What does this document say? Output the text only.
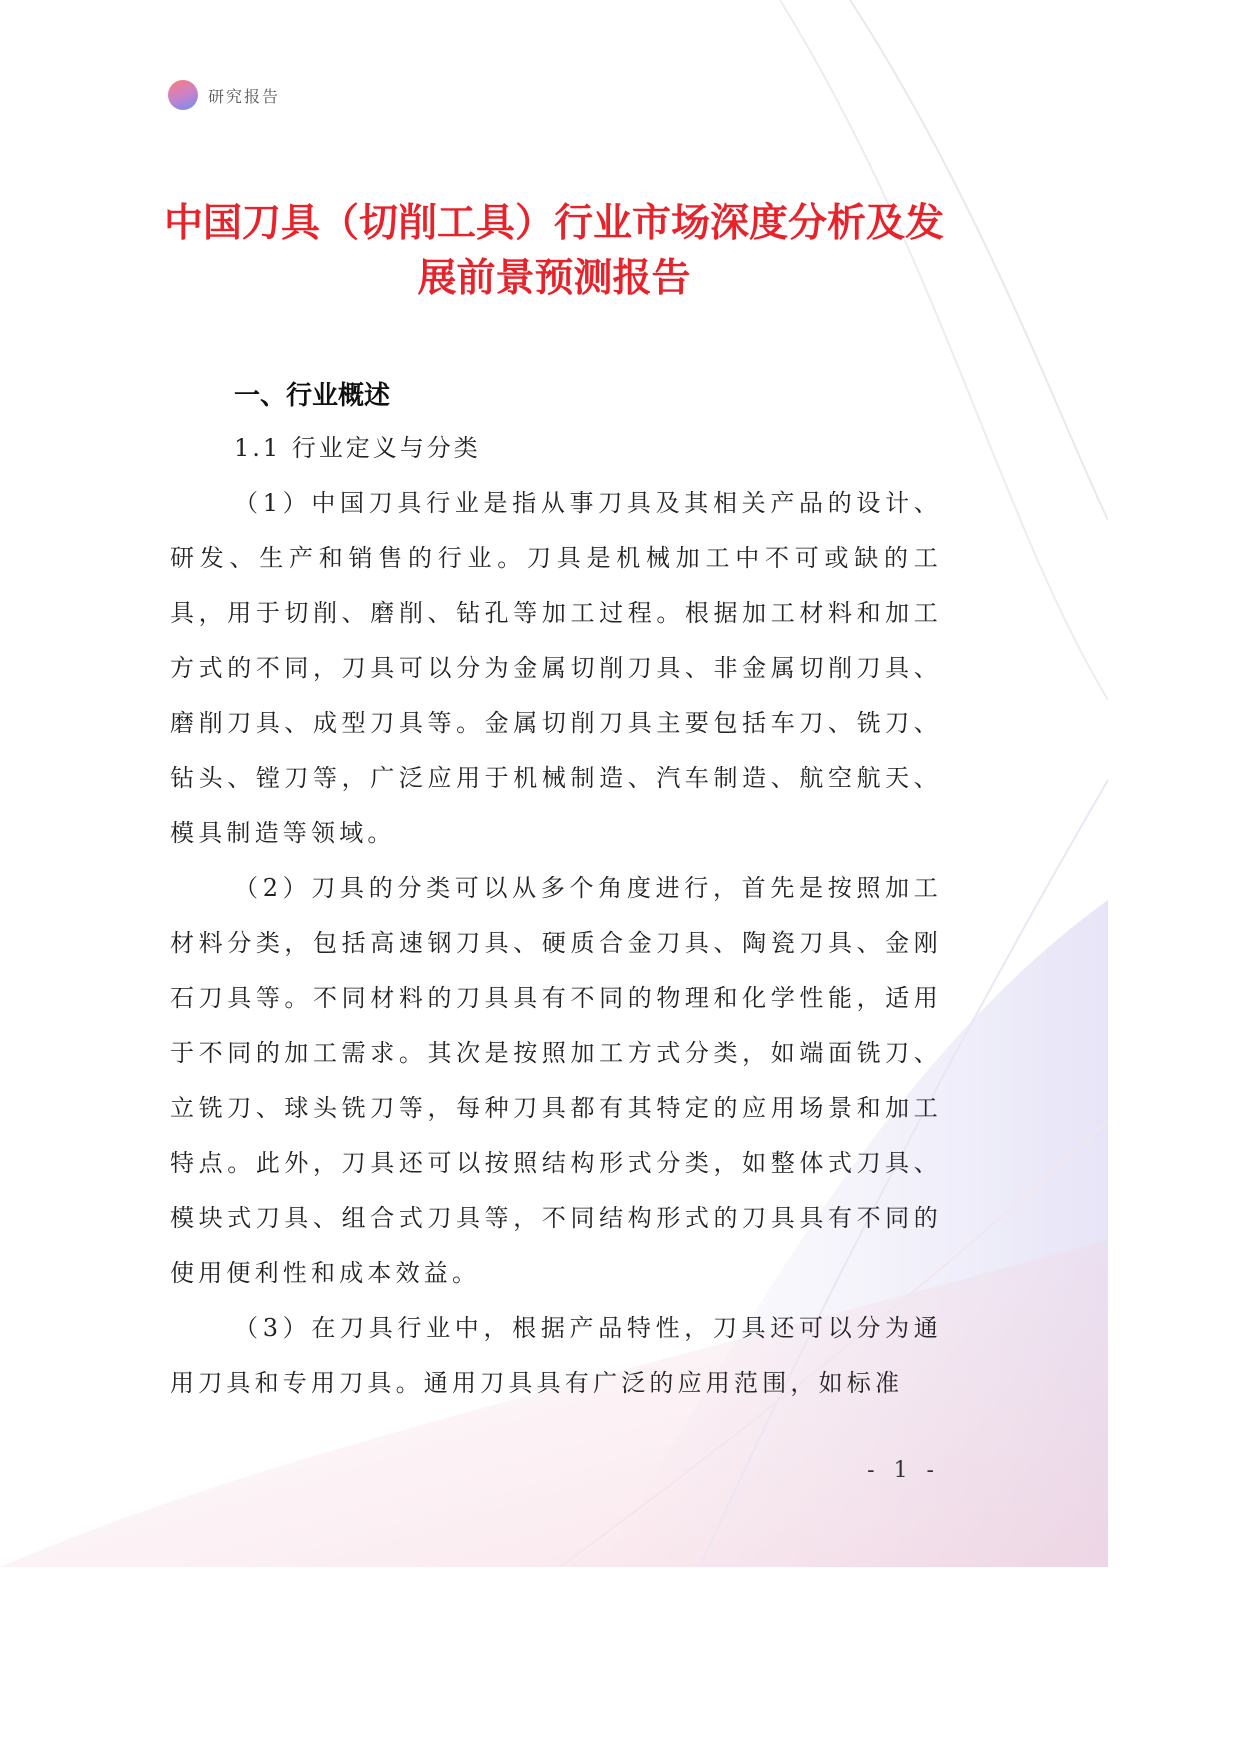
研究报告
中国刀具（切削工具）行业市场深度分析及发展前景预测报告
一、行业概述
1.1 行业定义与分类

（1）中国刀具行业是指从事刀具及其相关产品的设计、研发、生产和销售的行业。刀具是机械加工中不可或缺的工具，用于切削、磨削、钻孔等加工过程。根据加工材料和加工方式的不同，刀具可以分为金属切削刀具、非金属切削刀具、磨削刀具、成型刀具等。金属切削刀具主要包括车刀、铣刀、钻头、镗刀等，广泛应用于机械制造、汽车制造、航空航天、模具制造等领域。

（2）刀具的分类可以从多个角度进行，首先是按照加工材料分类，包括高速钢刀具、硬质合金刀具、陶瓷刀具、金刚石刀具等。不同材料的刀具具有不同的物理和化学性能，适用于不同的加工需求。其次是按照加工方式分类，如端面铣刀、立铣刀、球头铣刀等，每种刀具都有其特定的应用场景和加工特点。此外，刀具还可以按照结构形式分类，如整体式刀具、模块式刀具、组合式刀具等，不同结构形式的刀具具有不同的使用便利性和成本效益。

（3）在刀具行业中，根据产品特性，刀具还可以分为通用刀具和专用刀具。通用刀具具有广泛的应用范围，如标准

- 1 -
